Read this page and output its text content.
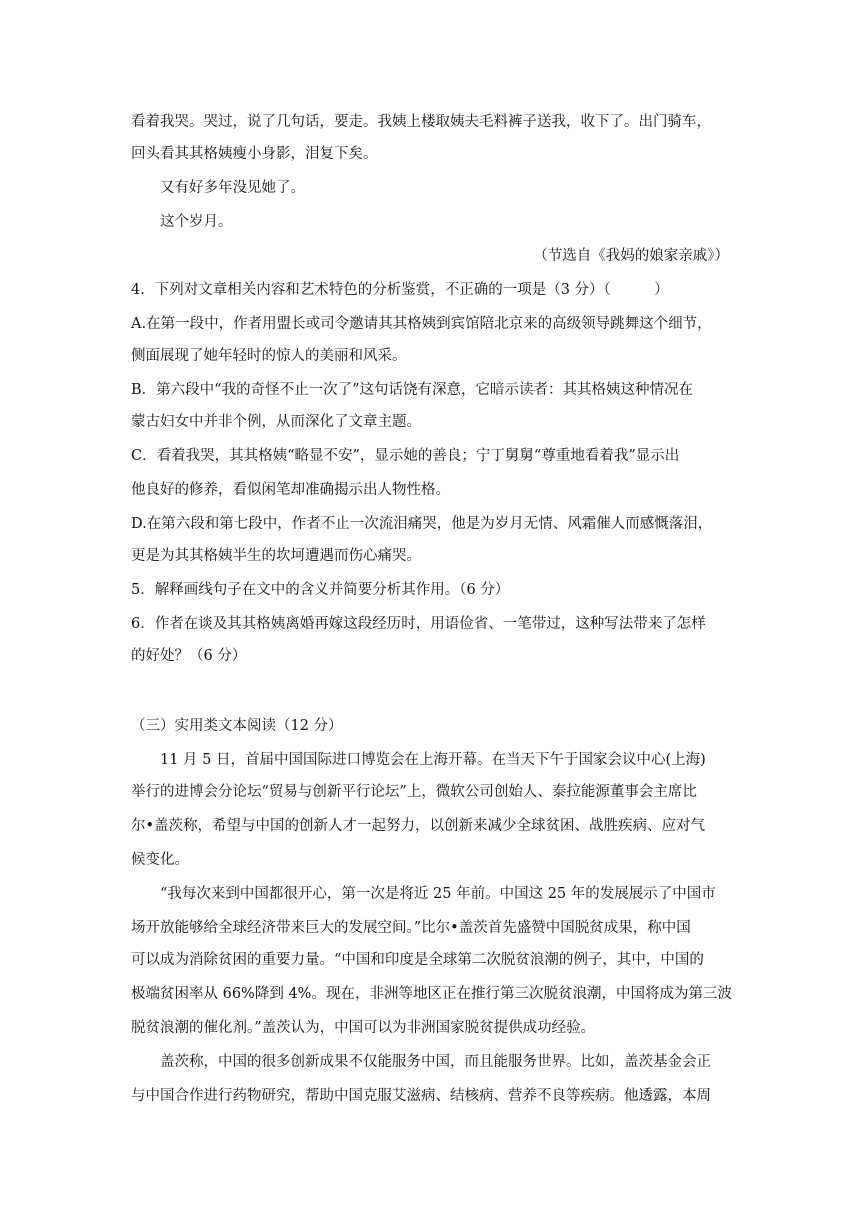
看着我哭。哭过，说了几句话，要走。我姨上楼取姨夫毛料裤子送我，收下了。出门骑车，
回头看其其格姨瘦小身影，泪复下矣。
又有好多年没见她了。
这个岁月。
（节选自《我妈的娘家亲戚》）
4．下列对文章相关内容和艺术特色的分析鉴赏，不正确的一项是（3 分）（　　　）
A.在第一段中，作者用盟长或司令邀请其其格姨到宾馆陪北京来的高级领导跳舞这个细节，
侧面展现了她年轻时的惊人的美丽和风采。
B．第六段中“我的奇怪不止一次了”这句话饶有深意，它暗示读者：其其格姨这种情况在
蒙古妇女中并非个例，从而深化了文章主题。
C．看着我哭，其其格姨“略显不安”，显示她的善良；宁丁舅舅“尊重地看着我”显示出
他良好的修养，看似闲笔却准确揭示出人物性格。
D.在第六段和第七段中，作者不止一次流泪痛哭，他是为岁月无情、风霜催人而感慨落泪，
更是为其其格姨半生的坎坷遭遇而伤心痛哭。
5．解释画线句子在文中的含义并简要分析其作用。（6 分）
6．作者在谈及其其格姨离婚再嫁这段经历时，用语俭省、一笔带过，这种写法带来了怎样
的好处？（6 分）
（三）实用类文本阅读（12 分）
11 月 5 日，首届中国国际进口博览会在上海开幕。在当天下午于国家会议中心(上海)
举行的进博会分论坛“贸易与创新平行论坛”上，微软公司创始人、泰拉能源董事会主席比
尔•盖茨称，希望与中国的创新人才一起努力，以创新来减少全球贫困、战胜疾病、应对气
候变化。
“我每次来到中国都很开心，第一次是将近 25 年前。中国这 25 年的发展展示了中国市
场开放能够给全球经济带来巨大的发展空间。”比尔•盖茨首先盛赞中国脱贫成果，称中国
可以成为消除贫困的重要力量。“中国和印度是全球第二次脱贫浪潮的例子，其中，中国的
极端贫困率从 66%降到 4%。现在，非洲等地区正在推行第三次脱贫浪潮，中国将成为第三波
脱贫浪潮的催化剂。”盖茨认为，中国可以为非洲国家脱贫提供成功经验。
盖茨称，中国的很多创新成果不仅能服务中国，而且能服务世界。比如，盖茨基金会正
与中国合作进行药物研究，帮助中国克服艾滋病、结核病、营养不良等疾病。他透露，本周
